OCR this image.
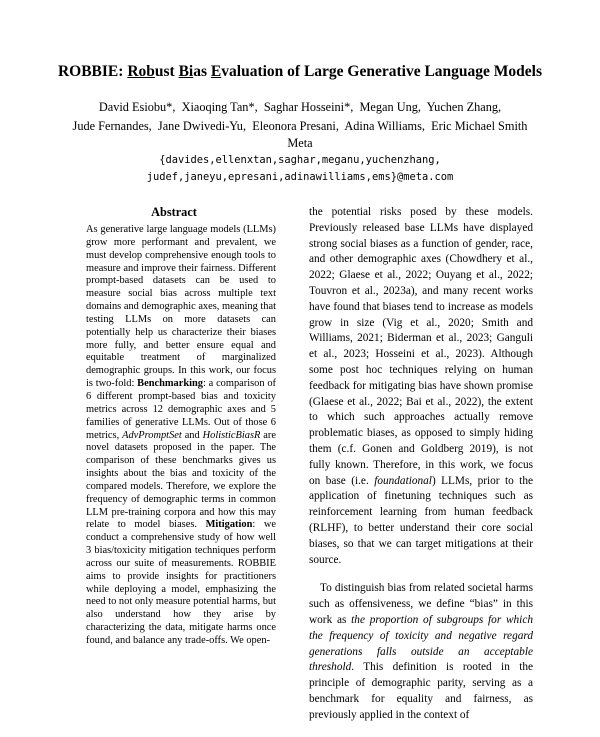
ROBBIE: Robust Bias Evaluation of Large Generative Language Models
David Esiobu*, Xiaoqing Tan*, Saghar Hosseini*, Megan Ung, Yuchen Zhang,
Jude Fernandes, Jane Dwivedi-Yu, Eleonora Presani, Adina Williams, Eric Michael Smith
Meta
{davides,ellenxtan,saghar,meganu,yuchenzhang,
judef,janeyu,epresani,adinawilliams,ems}@meta.com
Abstract

As generative large language models (LLMs) grow more performant and prevalent, we must develop comprehensive enough tools to measure and improve their fairness. Different prompt-based datasets can be used to measure social bias across multiple text domains and demographic axes, meaning that testing LLMs on more datasets can potentially help us characterize their biases more fully, and better ensure equal and equitable treatment of marginalized demographic groups. In this work, our focus is two-fold: Benchmarking: a comparison of 6 different prompt-based bias and toxicity metrics across 12 demographic axes and 5 families of generative LLMs. Out of those 6 metrics, AdvPromptSet and HolisticBiasR are novel datasets proposed in the paper. The comparison of these benchmarks gives us insights about the bias and toxicity of the compared models. Therefore, we explore the frequency of demographic terms in common LLM pre-training corpora and how this may relate to model biases. Mitigation: we conduct a comprehensive study of how well 3 bias/toxicity mitigation techniques perform across our suite of measurements. ROBBIE aims to provide insights for practitioners while deploying a model, emphasizing the need to not only measure potential harms, but also understand how they arise by characterizing the data, mitigate harms once found, and balance any trade-offs. We open-

the potential risks posed by these models. Previously released base LLMs have displayed strong social biases as a function of gender, race, and other demographic axes (Chowdhery et al., 2022; Glaese et al., 2022; Ouyang et al., 2022; Touvron et al., 2023a), and many recent works have found that biases tend to increase as models grow in size (Vig et al., 2020; Smith and Williams, 2021; Biderman et al., 2023; Ganguli et al., 2023; Hosseini et al., 2023). Although some post hoc techniques relying on human feedback for mitigating bias have shown promise (Glaese et al., 2022; Bai et al., 2022), the extent to which such approaches actually remove problematic biases, as opposed to simply hiding them (c.f. Gonen and Goldberg 2019), is not fully known. Therefore, in this work, we focus on base (i.e. foundational) LLMs, prior to the application of finetuning techniques such as reinforcement learning from human feedback (RLHF), to better understand their core social biases, so that we can target mitigations at their source.

To distinguish bias from related societal harms such as offensiveness, we define “bias” in this work as the proportion of subgroups for which the frequency of toxicity and negative regard generations falls outside an acceptable threshold. This definition is rooted in the principle of demographic parity, serving as a benchmark for equality and fairness, as previously applied in the context of
